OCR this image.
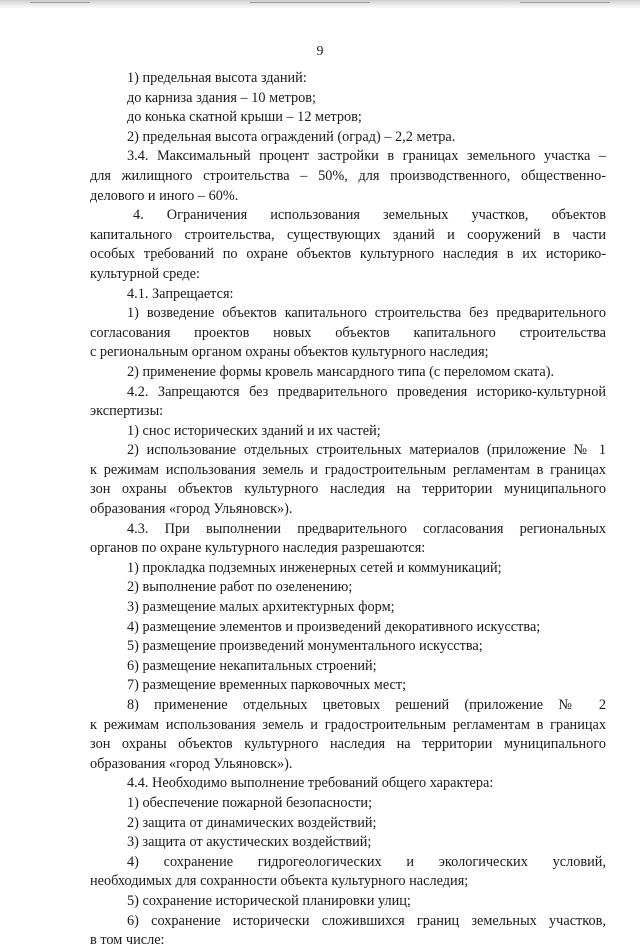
9
1) предельная высота зданий:
до карниза здания – 10 метров;
до конька скатной крыши – 12 метров;
2) предельная высота ограждений (оград) – 2,2 метра.
3.4. Максимальный процент застройки в границах земельного участка –
для жилищного строительства – 50%, для производственного, общественно-
делового и иного – 60%.
4. Ограничения использования земельных участков, объектов
капитального строительства, существующих зданий и сооружений в части
особых требований по охране объектов культурного наследия в их историко-
культурной среде:
4.1. Запрещается:
1) возведение объектов капитального строительства без предварительного
согласования проектов новых объектов капитального строительства
с региональным органом охраны объектов культурного наследия;
2) применение формы кровель мансардного типа (с переломом ската).
4.2. Запрещаются без предварительного проведения историко-культурной
экспертизы:
1) снос исторических зданий и их частей;
2) использование отдельных строительных материалов (приложение № 1
к режимам использования земель и градостроительным регламентам в границах
зон охраны объектов культурного наследия на территории муниципального
образования «город Ульяновск»).
4.3. При выполнении предварительного согласования региональных
органов по охране культурного наследия разрешаются:
1) прокладка подземных инженерных сетей и коммуникаций;
2) выполнение работ по озеленению;
3) размещение малых архитектурных форм;
4) размещение элементов и произведений декоративного искусства;
5) размещение произведений монументального искусства;
6) размещение некапитальных строений;
7) размещение временных парковочных мест;
8) применение отдельных цветовых решений (приложение № 2
к режимам использования земель и градостроительным регламентам в границах
зон охраны объектов культурного наследия на территории муниципального
образования «город Ульяновск»).
4.4. Необходимо выполнение требований общего характера:
1) обеспечение пожарной безопасности;
2) защита от динамических воздействий;
3) защита от акустических воздействий;
4) сохранение гидрогеологических и экологических условий,
необходимых для сохранности объекта культурного наследия;
5) сохранение исторической планировки улиц;
6) сохранение исторически сложившихся границ земельных участков,
в том числе:
